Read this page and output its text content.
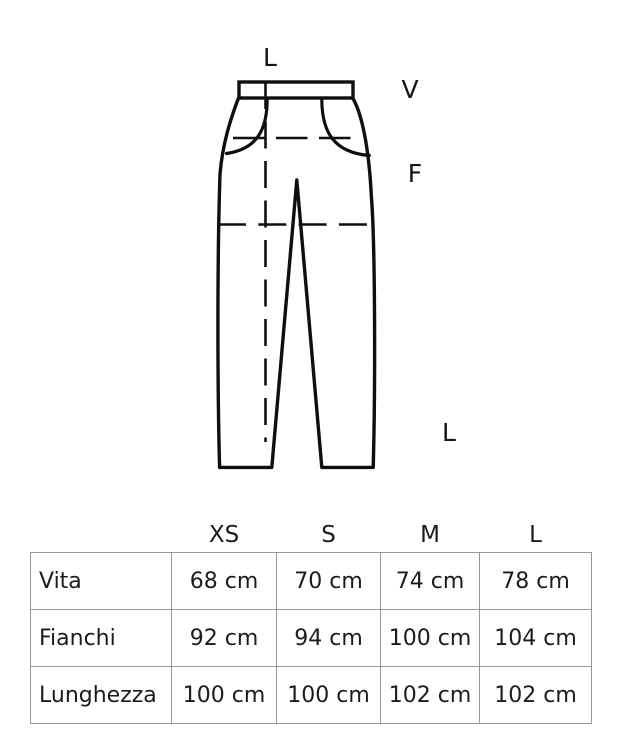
L
V
F
L
	XS	S	M	L
Vita	68 cm	70 cm	74 cm	78 cm
Fianchi	92 cm	94 cm	100 cm	104 cm
Lunghezza	100 cm	100 cm	102 cm	102 cm
